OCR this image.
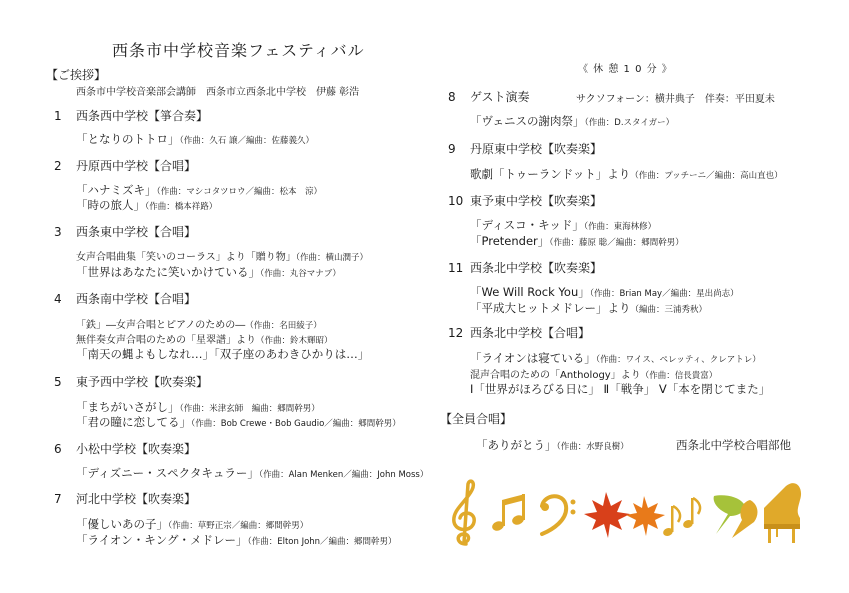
西条市中学校音楽フェスティバル
【ご挨拶】
西条市中学校音楽部会講師　西条市立西条北中学校　伊藤 彰浩
1 西条西中学校【箏合奏】
「となりのトトロ」（作曲：久石 譲／編曲：佐藤義久）
2 丹原西中学校【合唱】
「ハナミズキ」（作曲：マシコタツロウ／編曲：松本　涼）
「時の旅人」（作曲：橋本祥路）
3 西条東中学校【合唱】
女声合唱曲集「笑いのコーラス」より「贈り物」（作曲：横山潤子）
「世界はあなたに笑いかけている」（作曲：丸谷マナブ）
4 西条南中学校【合唱】
「鉄」―女声合唱とピアノのための―（作曲：名田綾子）
無伴奏女声合唱のための「星翠譜」より（作曲：鈴木輝昭）
「南天の蝿よもしなれ…」「双子座のあわきひかりは…」
5 東予西中学校【吹奏楽】
「まちがいさがし」（作曲：米津玄師　編曲：郷間幹男）
「君の瞳に恋してる」（作曲：Bob Crewe・Bob Gaudio／編曲：郷間幹男）
6 小松中学校【吹奏楽】
「ディズニー・スペクタキュラー」（作曲：Alan Menken／編曲：John Moss）
7 河北中学校【吹奏楽】
「優しいあの子」（作曲：草野正宗／編曲：郷間幹男）
「ライオン・キング・メドレー」（作曲：Elton John／編曲：郷間幹男）
《 休 憩 1 0 分 》
8 ゲスト演奏	サクソフォーン：横井典子　伴奏：平田夏未
「ヴェニスの謝肉祭」（作曲：D.スタイガー）
9 丹原東中学校【吹奏楽】
歌劇「トゥーランドット」より（作曲：プッチーニ／編曲：高山直也）
10 東予東中学校【吹奏楽】
「ディスコ・キッド」（作曲：東海林修）
「Pretender」（作曲：藤原 聡／編曲：郷間幹男）
11 西条北中学校【吹奏楽】
「We Will Rock You」（作曲：Brian May／編曲：星出尚志）
「平成大ヒットメドレー」より（編曲：三浦秀秋）
12 西条北中学校【合唱】
「ライオンは寝ている」（作曲：ワイス、ペレッティ、クレアトレ）
混声合唱のための「Anthology」より（作曲：信長貴富）
Ⅰ「世界がほろびる日に」 Ⅱ「戦争」 Ⅴ「本を閉じてまた」
【全員合唱】
「ありがとう」（作曲：水野良樹）	西条北中学校合唱部他
